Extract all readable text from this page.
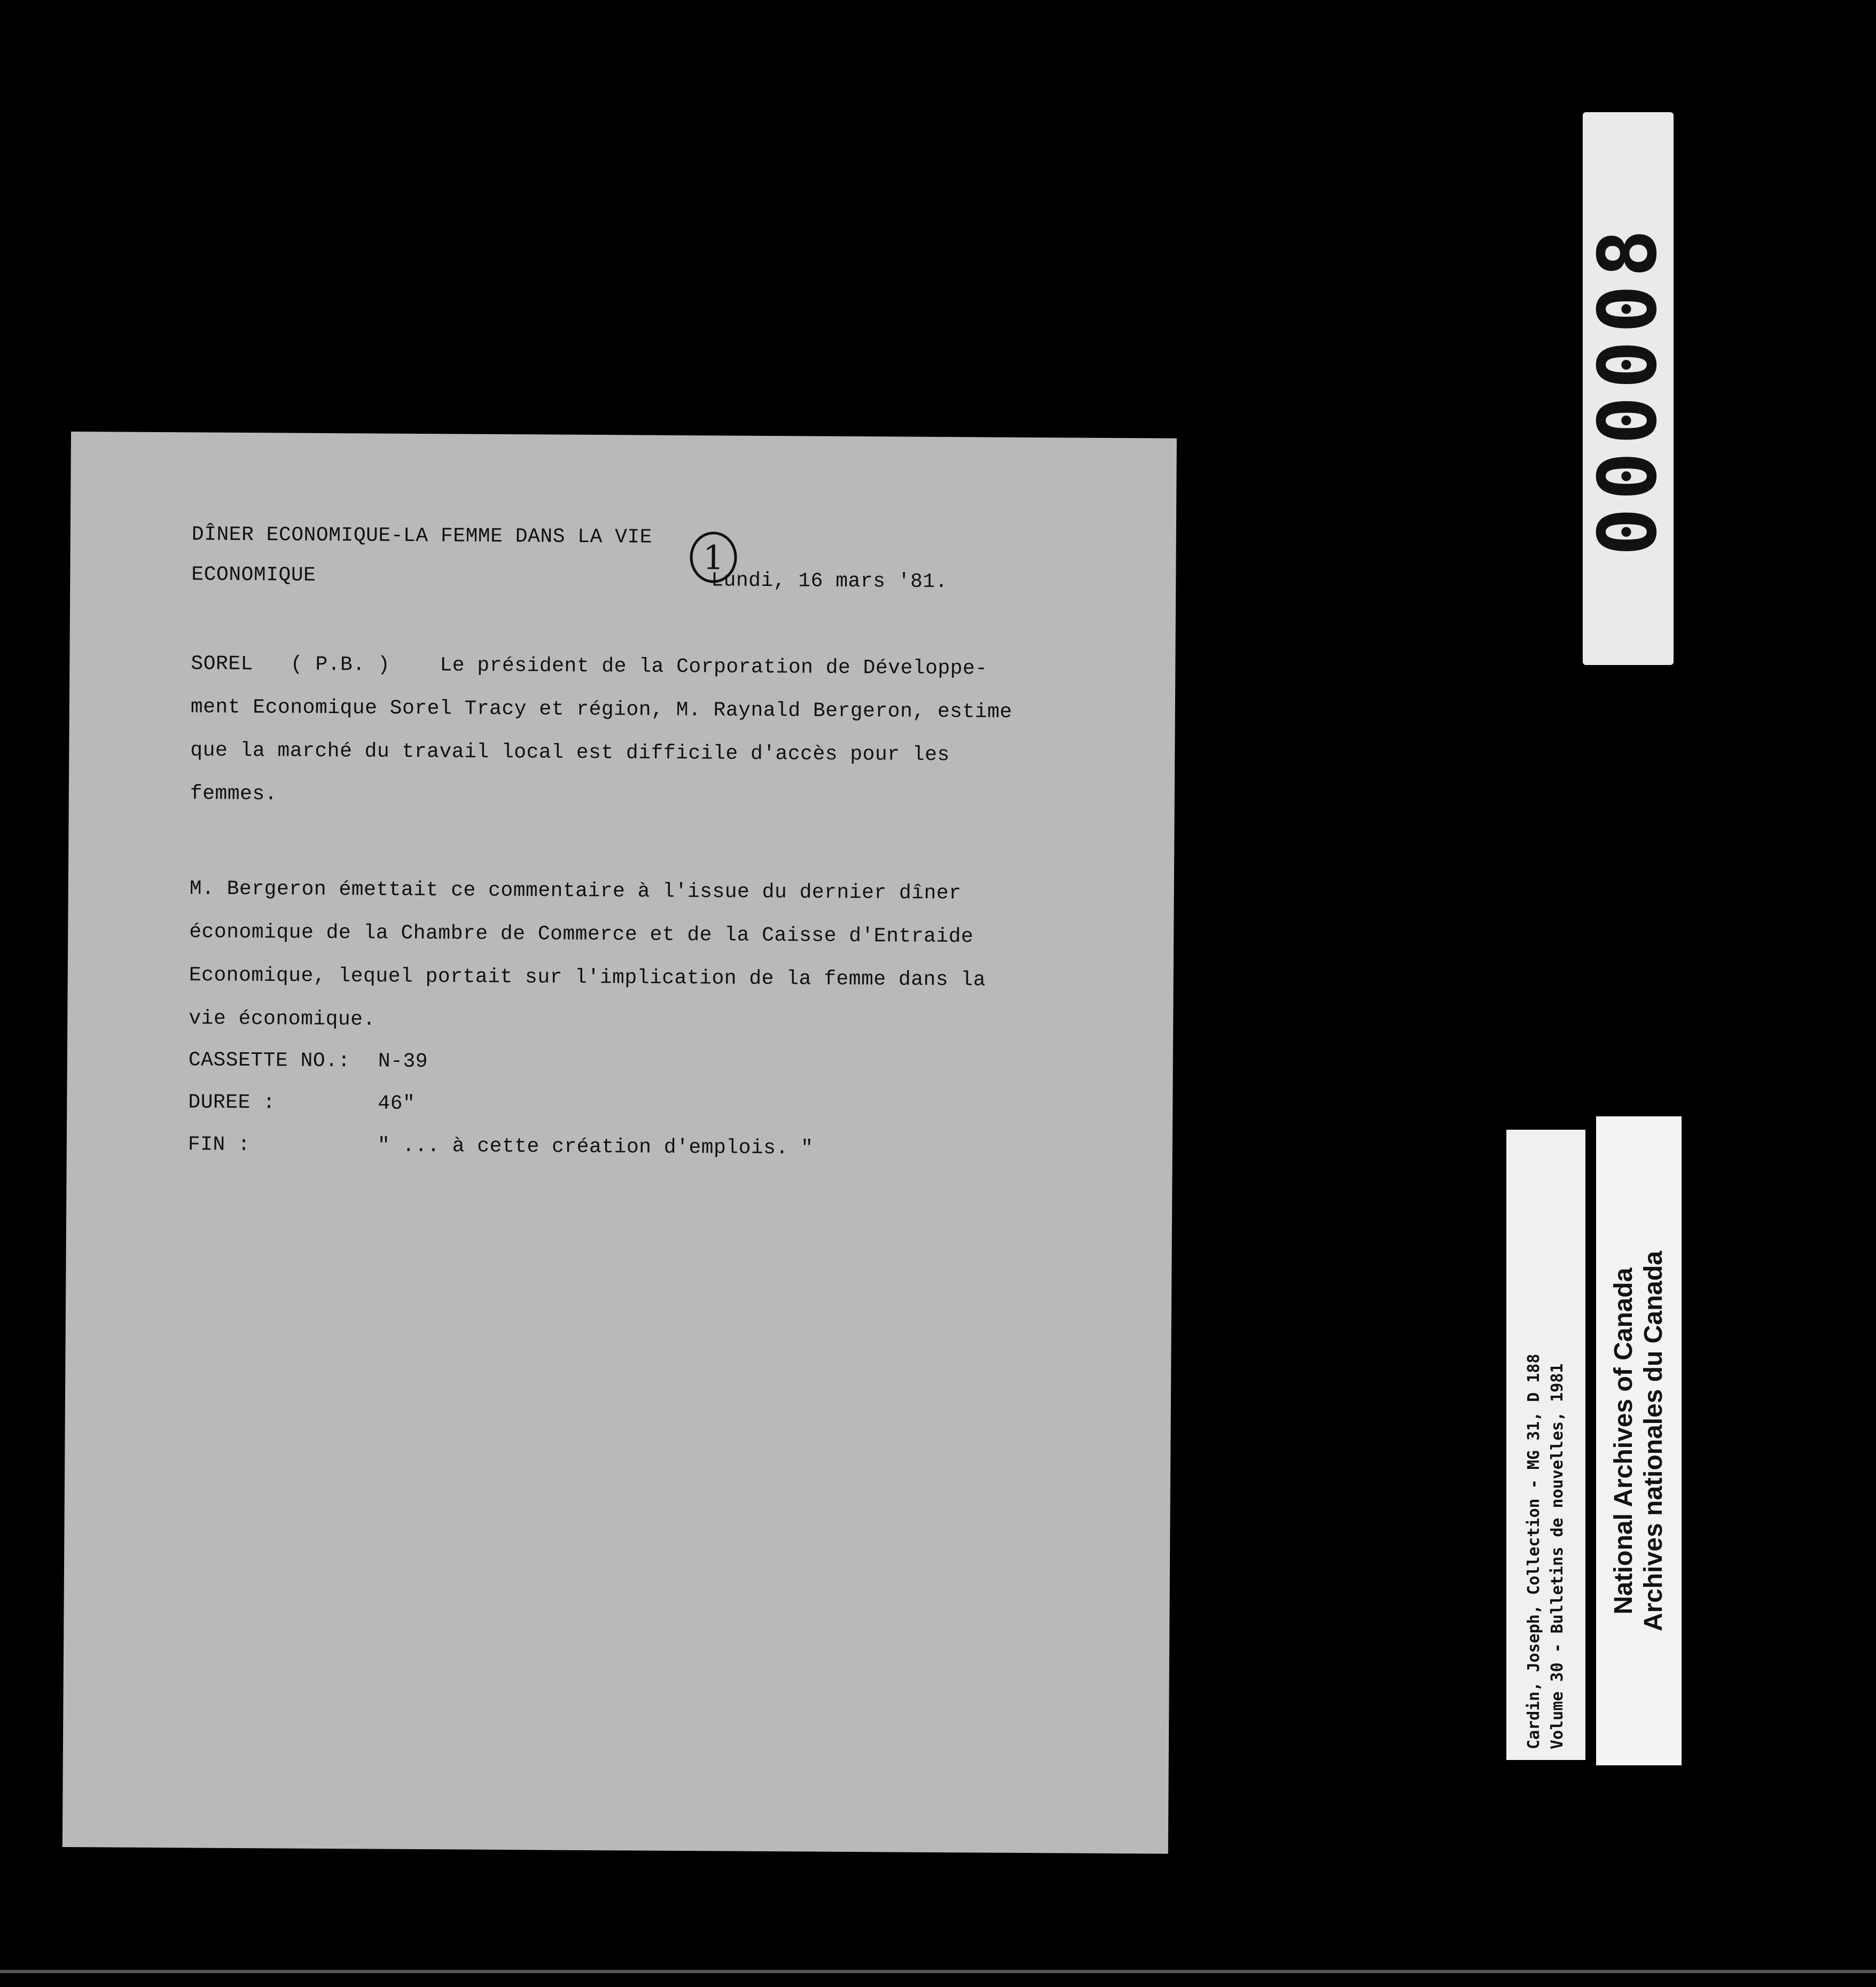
DÎNER ECONOMIQUE-LA FEMME DANS LA VIE
1
ECONOMIQUE	Lundi, 16 mars '81.
SOREL   ( P.B. )    Le président de la Corporation de Développe-
ment Economique Sorel Tracy et région, M. Raynald Bergeron, estime
que la marché du travail local est difficile d'accès pour les
femmes.
M. Bergeron émettait ce commentaire à l'issue du dernier dîner
économique de la Chambre de Commerce et de la Caisse d'Entraide
Economique, lequel portait sur l'implication de la femme dans la
vie économique.
CASSETTE NO.: N-39
DUREE :	46"
FIN :	" ... à cette création d'emplois. "
000008
Cardin, Joseph, Collection - MG 31, D 188 Volume 30 - Bulletins de nouvelles, 1981 National Archives of Canada Archives nationales du Canada
